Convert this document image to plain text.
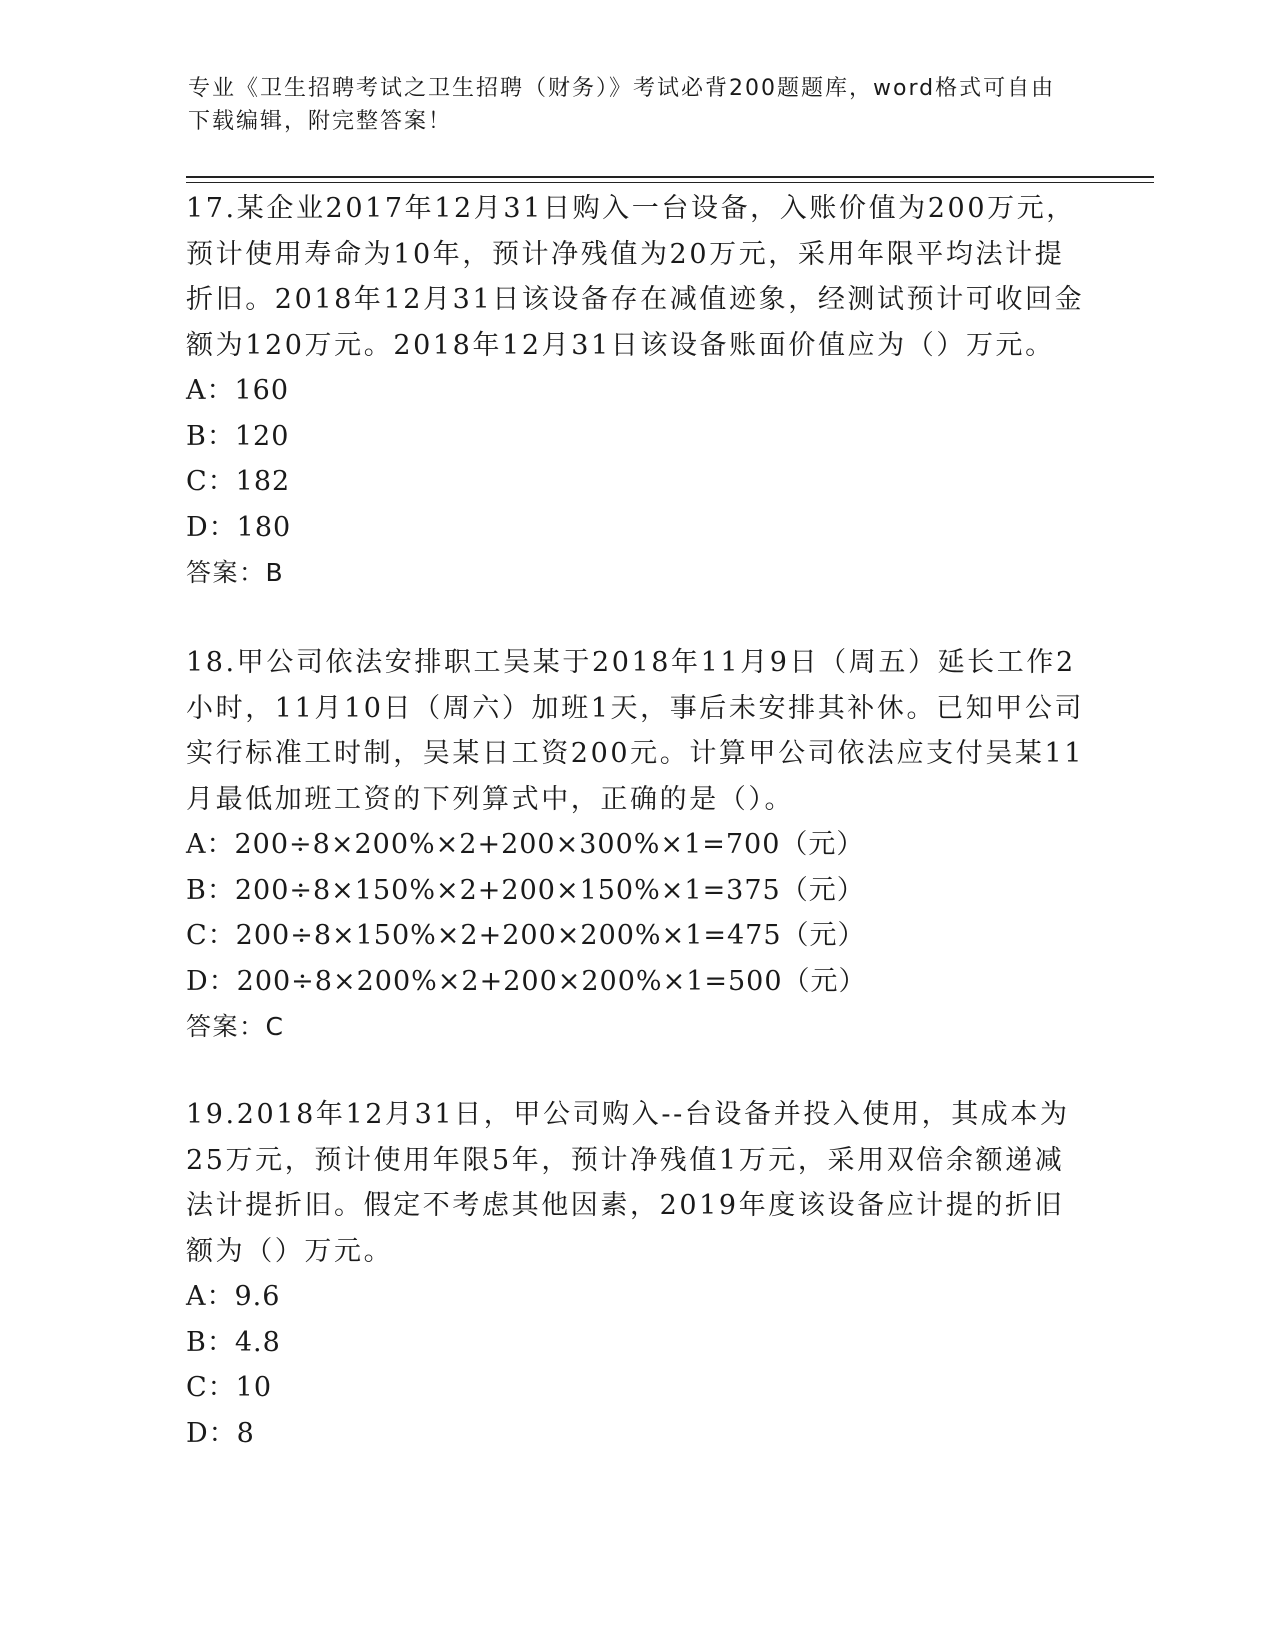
专业《卫生招聘考试之卫生招聘（财务）》考试必背200题题库，word格式可自由下载编辑，附完整答案！

17.某企业2017年12月31日购入一台设备，入账价值为200万元，预计使用寿命为10年，预计净残值为20万元，采用年限平均法计提折旧。2018年12月31日该设备存在减值迹象，经测试预计可收回金额为120万元。2018年12月31日该设备账面价值应为（）万元。

A：160
B：120
C：182
D：180
答案：B

18.甲公司依法安排职工吴某于2018年11月9日（周五）延长工作2小时，11月10日（周六）加班1天，事后未安排其补休。已知甲公司实行标准工时制，吴某日工资200元。计算甲公司依法应支付吴某11月最低加班工资的下列算式中，正确的是（）。

A：200÷8×200%×2+200×300%×1=700（元）
B：200÷8×150%×2+200×150%×1=375（元）
C：200÷8×150%×2+200×200%×1=475（元）
D：200÷8×200%×2+200×200%×1=500（元）
答案：C

19.2018年12月31日，甲公司购入--台设备并投入使用，其成本为25万元，预计使用年限5年，预计净残值1万元，采用双倍余额递减法计提折旧。假定不考虑其他因素，2019年度该设备应计提的折旧额为（）万元。

A：9.6
B：4.8
C：10
D：8
